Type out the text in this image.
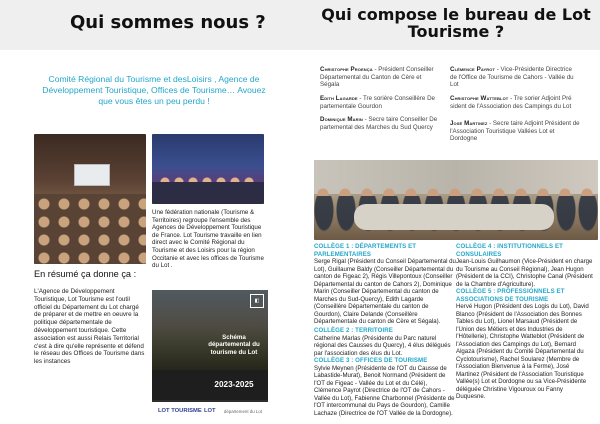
Qui sommes nous ?	Qui compose le bureau de Lot Tourisme ?
Comité Régional du Tourisme et desLoisirs , Agence de Développement Touristique, Offices de Tourisme… Avouez que vous êtes un peu perdu !
Une fédération nationale (Tourisme & Territoires) regroupe l'ensemble des Agences de Développement Touristique de France. Lot Tourisme travaille en lien direct avec le Comité Régional du Tourisme et des Loisirs pour la région Occitanie et avec les offices de Tourisme du Lot .
En résumé ça donne ça :
L'Agence de Développement Touristique, Lot Tourisme est l'outil officiel du Département du Lot chargé de préparer et de mettre en oeuvre la politique départementale de développement touristique. Cette association est aussi Relais Territorial c'est à dire qu'elle représente et défend le réseau des Offices de Tourisme dans les instances
◧
Schéma départemental du tourisme du Lot
2023-2025
LOT TOURISME LOT département du Lot
Christophe Proença - Président Conseiller Départemental du Canton de Cère et Ségala
Clémence Payrot - Vice-Présidente Directrice de l'Office de Tourisme de Cahors - Vallée du Lot
Edith Lagarde - Tre sorière Conseillère De partementale Gourdon
Christophe Watteblot - Tre sorier Adjoint Pré sident de l'Association des Campings du Lot
Dominique Marin - Secre taire Conseiller De partemental des Marches du Sud Quercy
José Martinez - Secre taire Adjoint Président de l'Association Touristique Vallées Lot et Dordogne
COLLÈGE 1 : DÉPARTEMENTS ET PARLEMENTAIRES
Serge Rigal (Président du Conseil Départemental du Lot), Guillaume Baldy (Conseiller Départemental du canton de Figeac 2), Régis Villepontoux (Conseiller Départemental du canton de Cahors 2), Dominique Marin (Conseiller Départemental du canton de Marches du Sud-Quercy), Edith Lagarde (Conseillère Départementale du canton de Gourdon), Claire Delande (Conseillère Départementale du canton de Cère et Ségala).
COLLÈGE 2 : TERRITOIRE
Catherine Marlas (Présidente du Parc naturel régional des Causses du Quercy), 4 élus délégués par l'association des élus du Lot.
COLLÈGE 3 : OFFICES DE TOURISME
Sylvie Meynen (Présidente de l'OT du Causse de Labastide-Murat), Benoit Normand (Président de l'OT de Figeac - Vallée du Lot et du Célé), Clémence Payrot (Directrice de l'OT de Cahors - Vallée du Lot), Fabienne Charbonnel (Présidente de l'OT intercommunal du Pays de Gourdon), Camille Lachaze (Directrice de l'OT Vallée de la Dordogne).
COLLÈGE 4 : INSTITUTIONNELS ET CONSULAIRES
Jean-Louis Guilhaumon (Vice-Président en charge du Tourisme au Conseil Régional), Jean Hugon (Président de la CCI), Christophe Canal (Président de la Chambre d'Agriculture).
COLLÈGE 5 : PROFESSIONNELS ET ASSOCIATIONS DE TOURISME
Hervé Hugon (Président des Logis du Lot), David Blanco (Président de l'Association des Bonnes Tables du Lot), Lionel Marsaud (Président de l'Union des Métiers et des Industries de l'Hôtellerie), Christophe Watteblot (Président de l'Association des Campings du Lot), Bernard Algaza (Président du Comité Départemental du Cyclotourisme), Rachel Soularez (Membre de l'Association Bienvenue à la Ferme), José Martinez (Président de l'Association Touristique Vallée(s) Lot et Dordogne ou sa Vice-Présidente déléguée Christine Vigouroux ou Fanny Duquesne.
